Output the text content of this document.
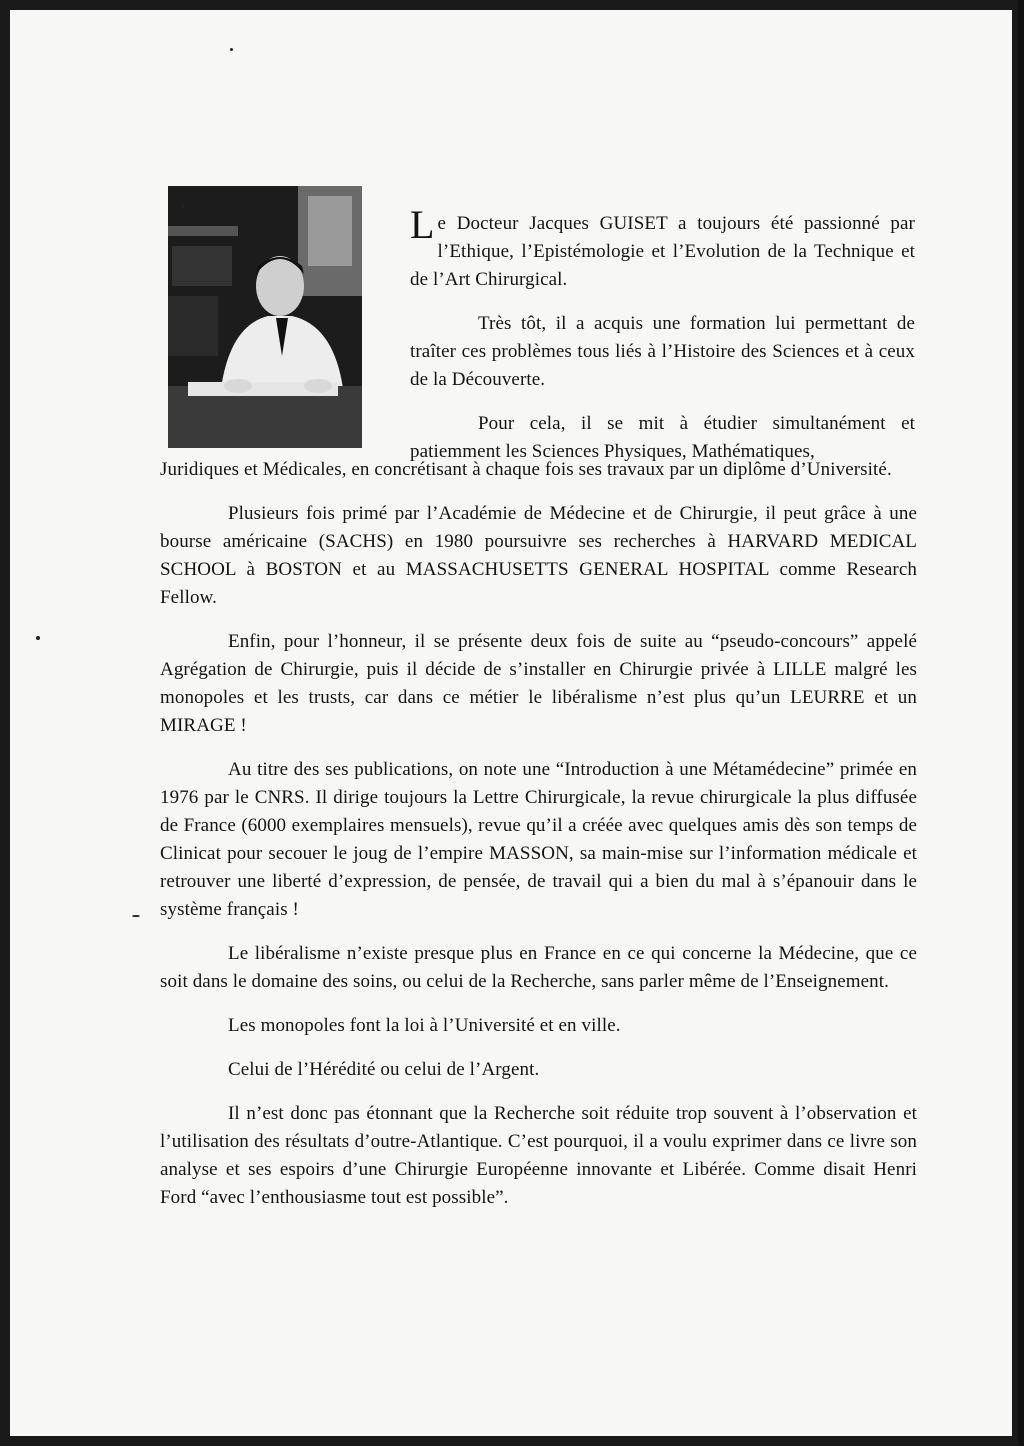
Le Docteur Jacques GUISET a toujours été passionné par l’Ethique, l’Epistémologie et l’Evolution de la Technique et de l’Art Chirurgical.

Très tôt, il a acquis une formation lui permettant de traîter ces problèmes tous liés à l’Histoire des Sciences et à ceux de la Découverte.

Pour cela, il se mit à étudier simultanément et patiemment les Sciences Physiques, Mathématiques,

Juridiques et Médicales, en concrétisant à chaque fois ses travaux par un diplôme d’Université.

Plusieurs fois primé par l’Académie de Médecine et de Chirurgie, il peut grâce à une bourse américaine (SACHS) en 1980 poursuivre ses recherches à HARVARD MEDICAL SCHOOL à BOSTON et au MASSACHUSETTS GENERAL HOSPITAL comme Research Fellow.

Enfin, pour l’honneur, il se présente deux fois de suite au “pseudo-concours” appelé Agrégation de Chirurgie, puis il décide de s’installer en Chirurgie privée à LILLE malgré les monopoles et les trusts, car dans ce métier le libéralisme n’est plus qu’un LEURRE et un MIRAGE !

Au titre des ses publications, on note une “Introduction à une Métamédecine” primée en 1976 par le CNRS. Il dirige toujours la Lettre Chirurgicale, la revue chirurgicale la plus diffusée de France (6000 exemplaires mensuels), revue qu’il a créée avec quelques amis dès son temps de Clinicat pour secouer le joug de l’empire MASSON, sa main-mise sur l’information médicale et retrouver une liberté d’expression, de pensée, de travail qui a bien du mal à s’épanouir dans le système français !

Le libéralisme n’existe presque plus en France en ce qui concerne la Médecine, que ce soit dans le domaine des soins, ou celui de la Recherche, sans parler même de l’Enseignement.

Les monopoles font la loi à l’Université et en ville.

Celui de l’Hérédité ou celui de l’Argent.

Il n’est donc pas étonnant que la Recherche soit réduite trop souvent à l’observation et l’utilisation des résultats d’outre-Atlantique. C’est pourquoi, il a voulu exprimer dans ce livre son analyse et ses espoirs d’une Chirurgie Européenne innovante et Libérée. Comme disait Henri Ford “avec l’enthousiasme tout est possible”.
